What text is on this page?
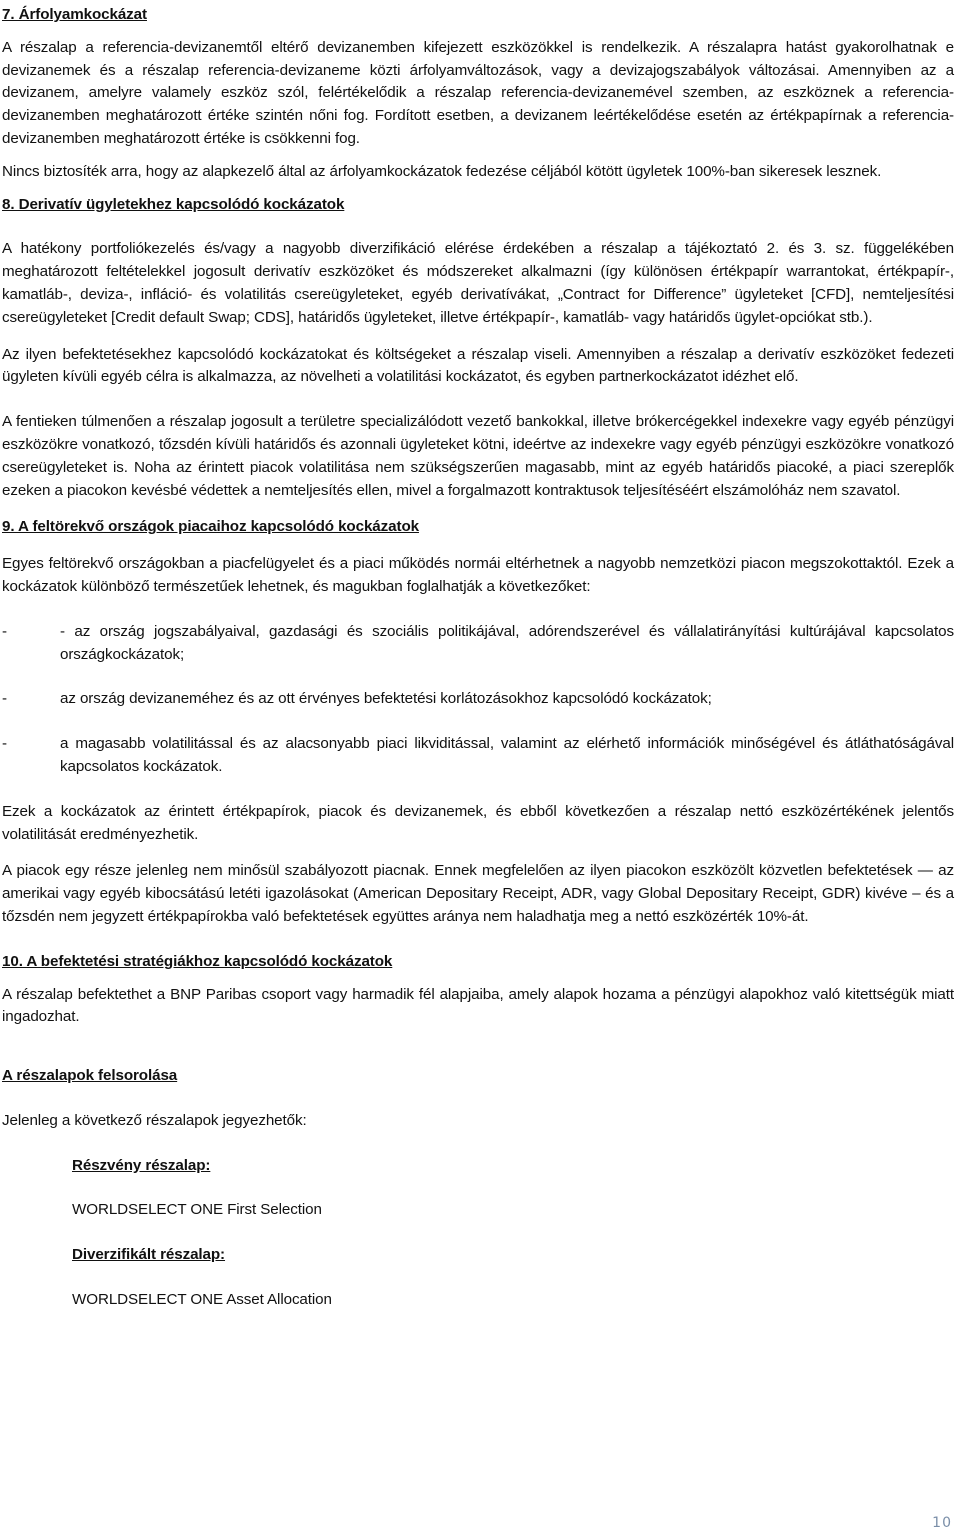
7. Árfolyamkockázat

A részalap a referencia-devizanemtől eltérő devizanemben kifejezett eszközökkel is rendelkezik. A részalapra hatást gyakorolhatnak e devizanemek és a részalap referencia-devizaneme közti árfolyamváltozások, vagy a devizajogszabályok változásai. Amennyiben az a devizanem, amelyre valamely eszköz szól, felértékelődik a részalap referencia-devizanemével szemben, az eszköznek a referencia-devizanemben meghatározott értéke szintén nőni fog. Fordított esetben, a devizanem leértékelődése esetén az értékpapírnak a referencia-devizanemben meghatározott értéke is csökkenni fog.

Nincs biztosíték arra, hogy az alapkezelő által az árfolyamkockázatok fedezése céljából kötött ügyletek 100%-ban sikeresek lesznek.

8. Derivatív ügyletekhez kapcsolódó kockázatok

A hatékony portfoliókezelés és/vagy a nagyobb diverzifikáció elérése érdekében a részalap a tájékoztató 2. és 3. sz. függelékében meghatározott feltételekkel jogosult derivatív eszközöket és módszereket alkalmazni (így különösen értékpapír warrantokat, értékpapír-, kamatláb-, deviza-, infláció- és volatilitás csereügyleteket, egyéb derivatívákat, „Contract for Difference” ügyleteket [CFD], nemteljesítési csereügyleteket [Credit default Swap; CDS], határidős ügyleteket, illetve értékpapír-, kamatláb- vagy határidős ügylet-opciókat stb.).

Az ilyen befektetésekhez kapcsolódó kockázatokat és költségeket a részalap viseli. Amennyiben a részalap a derivatív eszközöket fedezeti ügyleten kívüli egyéb célra is alkalmazza, az növelheti a volatilitási kockázatot, és egyben partnerkockázatot idézhet elő.

A fentieken túlmenően a részalap jogosult a területre specializálódott vezető bankokkal, illetve brókercégekkel indexekre vagy egyéb pénzügyi eszközökre vonatkozó, tőzsdén kívüli határidős és azonnali ügyleteket kötni, ideértve az indexekre vagy egyéb pénzügyi eszközökre vonatkozó csereügyleteket is. Noha az érintett piacok volatilitása nem szükségszerűen magasabb, mint az egyéb határidős piacoké, a piaci szereplők ezeken a piacokon kevésbé védettek a nemteljesítés ellen, mivel a forgalmazott kontraktusok teljesítéséért elszámolóház nem szavatol.

9. A feltörekvő országok piacaihoz kapcsolódó kockázatok

Egyes feltörekvő országokban a piacfelügyelet és a piaci működés normái eltérhetnek a nagyobb nemzetközi piacon megszokottaktól. Ezek a kockázatok különböző természetűek lehetnek, és magukban foglalhatják a következőket:

-	- az ország jogszabályaival, gazdasági és szociális politikájával, adórendszerével és vállalatirányítási kultúrájával kapcsolatos országkockázatok;
-	az ország devizaneméhez és az ott érvényes befektetési korlátozásokhoz kapcsolódó kockázatok;
-	a magasabb volatilitással és az alacsonyabb piaci likviditással, valamint az elérhető információk minőségével és átláthatóságával kapcsolatos kockázatok.

Ezek a kockázatok az érintett értékpapírok, piacok és devizanemek, és ebből következően a részalap nettó eszközértékének jelentős volatilitását eredményezhetik.

A piacok egy része jelenleg nem minősül szabályozott piacnak. Ennek megfelelően az ilyen piacokon eszközölt közvetlen befektetések — az amerikai vagy egyéb kibocsátású letéti igazolásokat (American Depositary Receipt, ADR, vagy Global Depositary Receipt, GDR) kivéve – és a tőzsdén nem jegyzett értékpapírokba való befektetések együttes aránya nem haladhatja meg a nettó eszközérték 10%-át.

10. A befektetési stratégiákhoz kapcsolódó kockázatok

A részalap befektethet a BNP Paribas csoport vagy harmadik fél alapjaiba, amely alapok hozama a pénzügyi alapokhoz való kitettségük miatt ingadozhat.

A részalapok felsorolása

Jelenleg a következő részalapok jegyezhetők:

Részvény részalap:

WORLDSELECT ONE First Selection

Diverzifikált részalap:

WORLDSELECT ONE Asset Allocation

10
